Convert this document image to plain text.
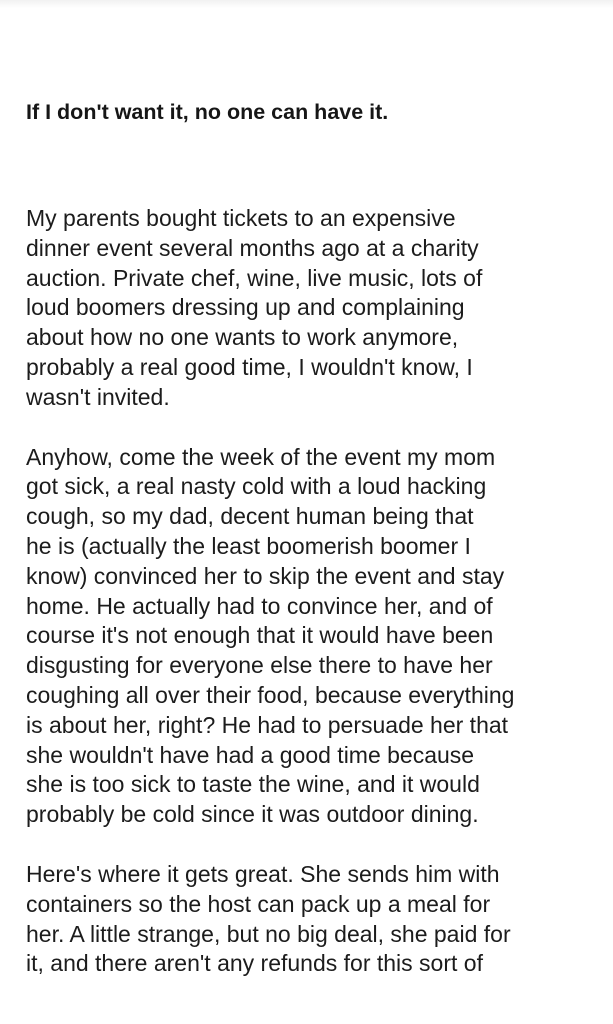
If I don't want it, no one can have it.

My parents bought tickets to an expensive
dinner event several months ago at a charity
auction. Private chef, wine, live music, lots of
loud boomers dressing up and complaining
about how no one wants to work anymore,
probably a real good time, I wouldn't know, I
wasn't invited.

Anyhow, come the week of the event my mom
got sick, a real nasty cold with a loud hacking
cough, so my dad, decent human being that
he is (actually the least boomerish boomer I
know) convinced her to skip the event and stay
home. He actually had to convince her, and of
course it's not enough that it would have been
disgusting for everyone else there to have her
coughing all over their food, because everything
is about her, right? He had to persuade her that
she wouldn't have had a good time because
she is too sick to taste the wine, and it would
probably be cold since it was outdoor dining.

Here's where it gets great. She sends him with
containers so the host can pack up a meal for
her. A little strange, but no big deal, she paid for
it, and there aren't any refunds for this sort of
